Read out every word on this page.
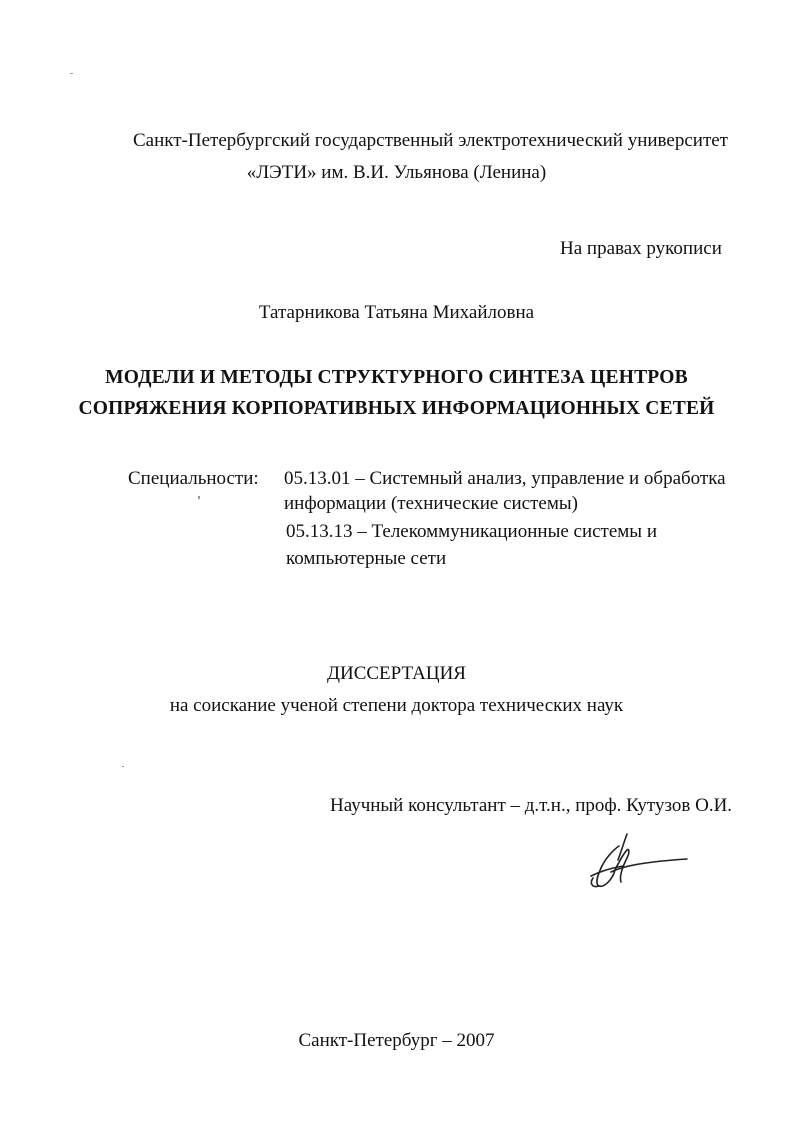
Санкт-Петербургский государственный электротехнический университет
«ЛЭТИ» им. В.И. Ульянова (Ленина)
На правах рукописи
Татарникова Татьяна Михайловна
МОДЕЛИ И МЕТОДЫ СТРУКТУРНОГО СИНТЕЗА ЦЕНТРОВ
СОПРЯЖЕНИЯ КОРПОРАТИВНЫХ ИНФОРМАЦИОННЫХ СЕТЕЙ
Специальности: 05.13.01 – Системный анализ, управление и обработка
информации (технические системы)
05.13.13 – Телекоммуникационные системы и
компьютерные сети
ДИССЕРТАЦИЯ
на соискание ученой степени доктора технических наук
Научный консультант – д.т.н., проф. Кутузов О.И.
Санкт-Петербург – 2007
